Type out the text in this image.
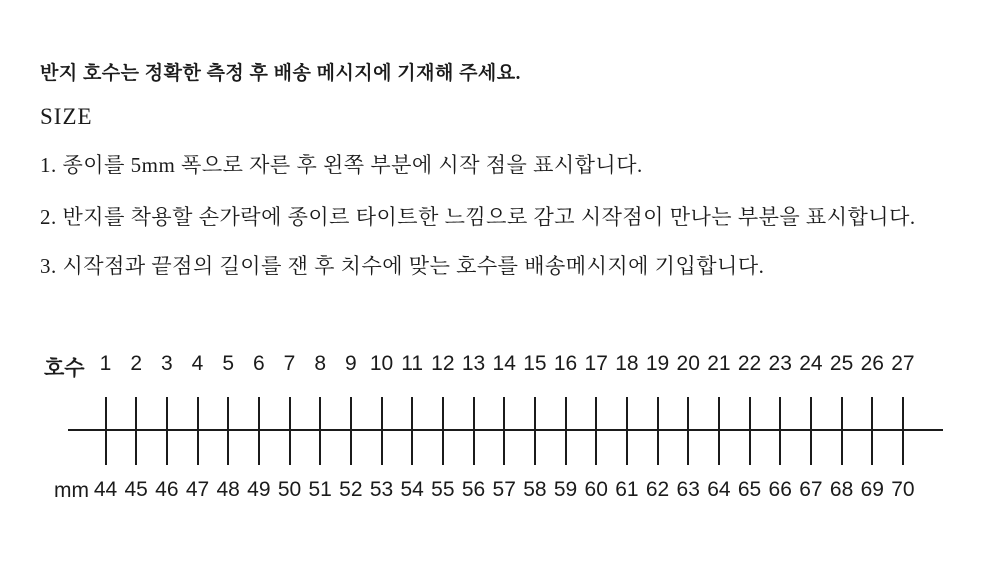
반지 호수는 정확한 측정 후 배송 메시지에 기재해 주세요.
SIZE
1. 종이를 5mm 폭으로 자른 후 왼쪽 부분에 시작 점을 표시합니다.
2. 반지를 착용할 손가락에 종이르 타이트한 느낌으로 감고 시작점이 만나는 부분을 표시합니다.
3. 시작점과 끝점의 길이를 잰 후 치수에 맞는 호수를 배송메시지에 기입합니다.
호수
mm
1
44
2
45
3
46
4
47
5
48
6
49
7
50
8
51
9
52
10
53
11
54
12
55
13
56
14
57
15
58
16
59
17
60
18
61
19
62
20
63
21
64
22
65
23
66
24
67
25
68
26
69
27
70
